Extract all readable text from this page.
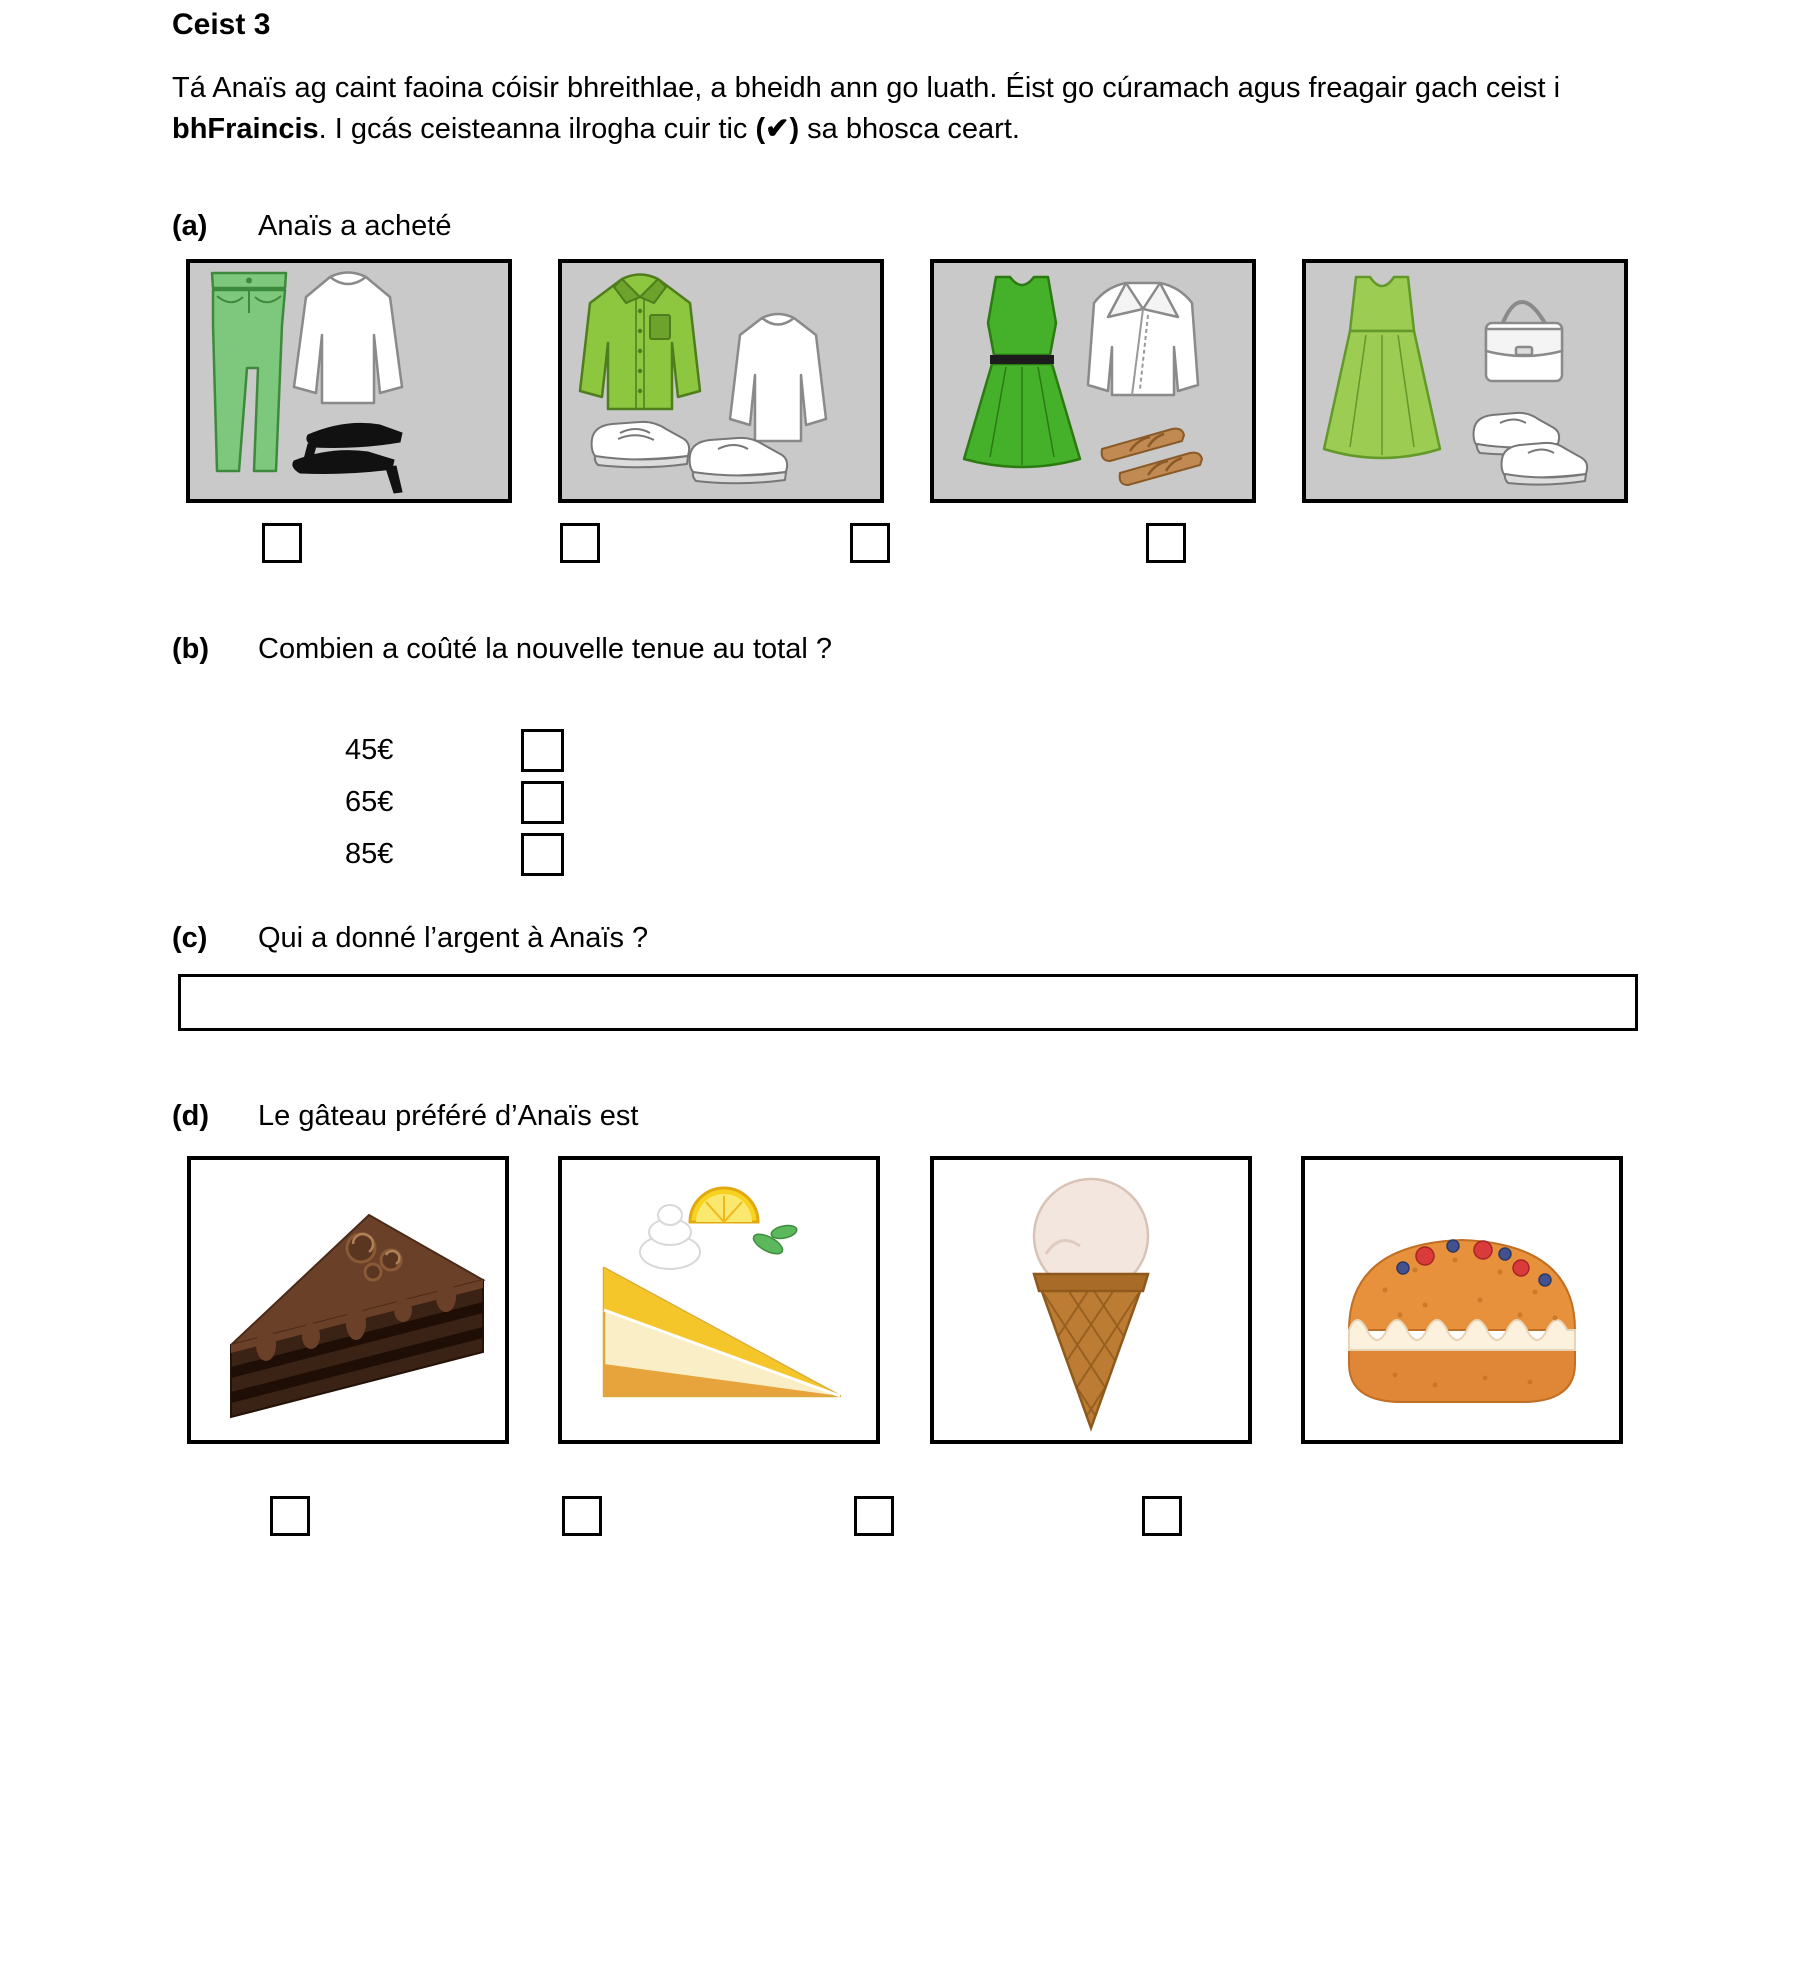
Ceist 3
Tá Anaïs ag caint faoina cóisir bhreithlae, a bheidh ann go luath. Éist go cúramach agus freagair gach ceist i bhFraincis. I gcás ceisteanna ilrogha cuir tic (✔) sa bhosca ceart.
(a)	Anaïs a acheté
(b)	Combien a coûté la nouvelle tenue au total ?
45€
65€
85€
(c)	Qui a donné l’argent à Anaïs ?
(d)	Le gâteau préféré d’Anaïs est
